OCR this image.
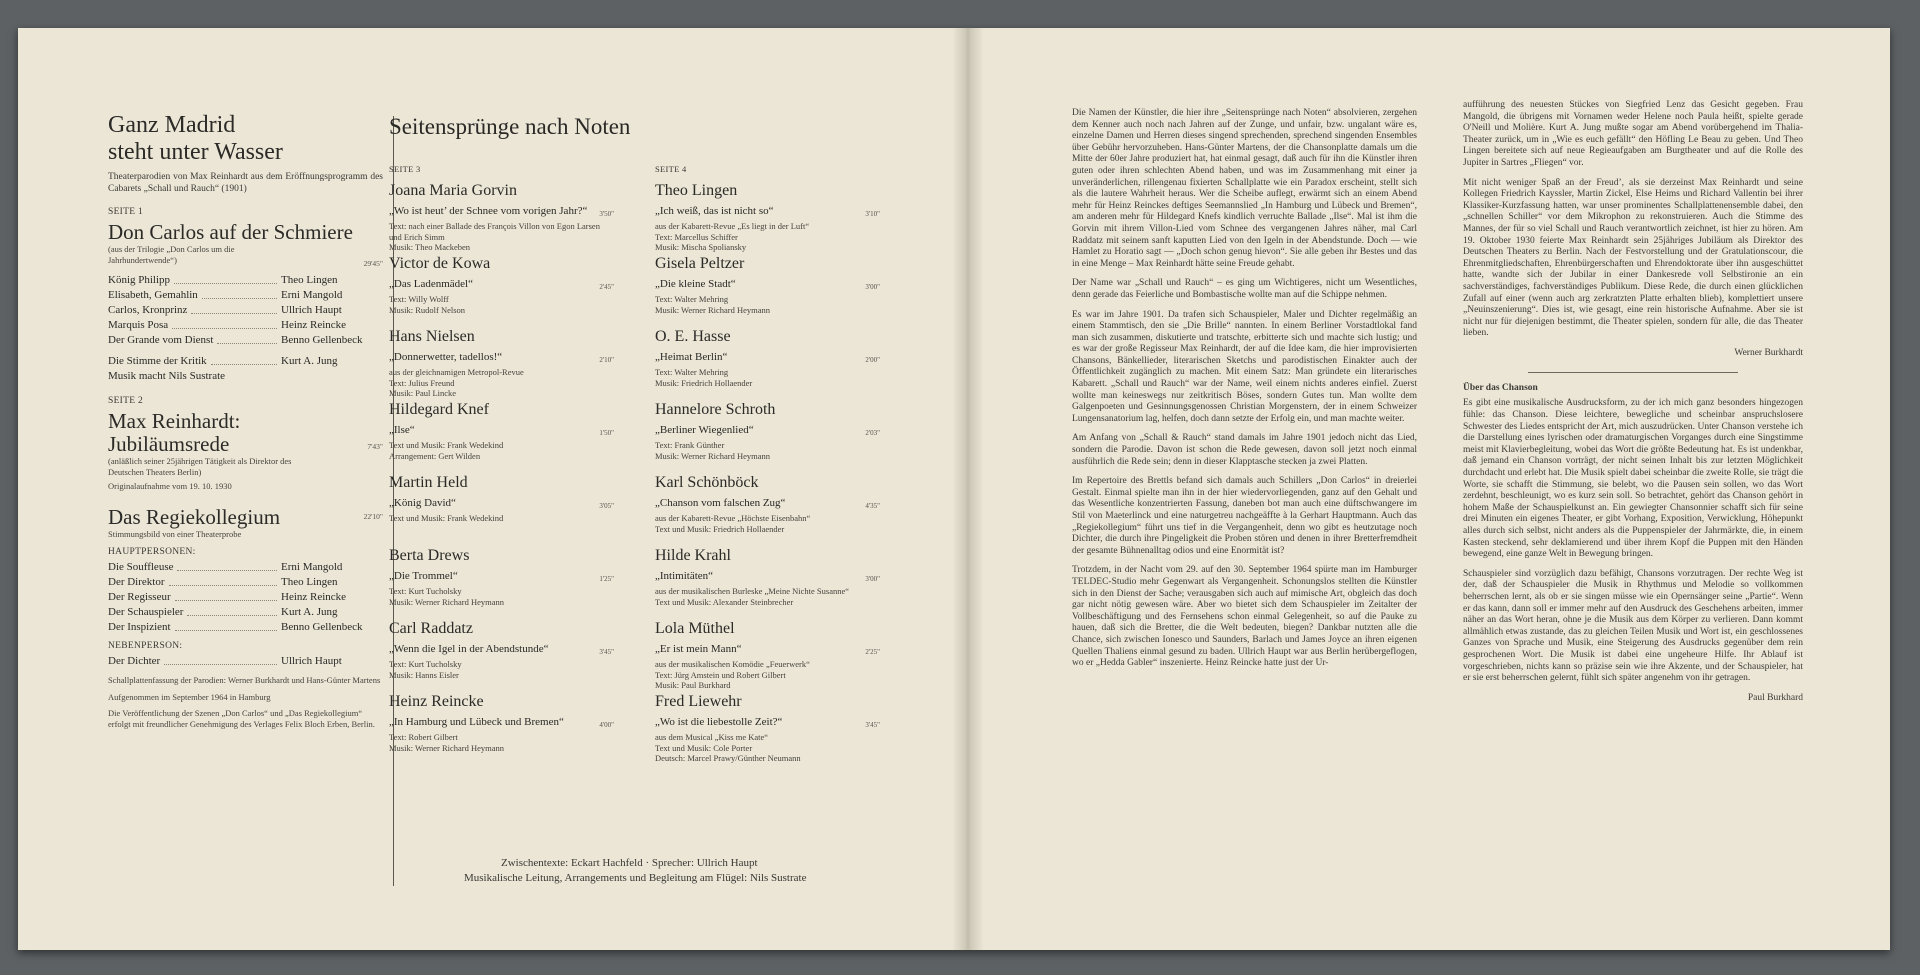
Ganz Madrid
steht unter Wasser
Theaterparodien von Max Reinhardt aus dem Eröffnungsprogramm des Cabarets „Schall und Rauch“ (1901)
SEITE 1
Don Carlos auf der Schmiere
(aus der Trilogie „Don Carlos um die Jahrhundertwende“)	29'45"
König Philipp	Theo Lingen
Elisabeth, Gemahlin	Erni Mangold
Carlos, Kronprinz	Ullrich Haupt
Marquis Posa	Heinz Reincke
Der Grande vom Dienst	Benno Gellenbeck
Die Stimme der Kritik	Kurt A. Jung
Musik macht Nils Sustrate
SEITE 2
Max Reinhardt:
Jubiläumsrede	7'43"
(anläßlich seiner 25jährigen Tätigkeit als Direktor des Deutschen Theaters Berlin)
Originalaufnahme vom 19. 10. 1930
Das Regiekollegium	22'10"
Stimmungsbild von einer Theaterprobe
HAUPTPERSONEN:
Die Souffleuse	Erni Mangold
Der Direktor	Theo Lingen
Der Regisseur	Heinz Reincke
Der Schauspieler	Kurt A. Jung
Der Inspizient	Benno Gellenbeck
NEBENPERSON:
Der Dichter	Ullrich Haupt
Schallplattenfassung der Parodien: Werner Burkhardt und Hans-Günter Martens
Aufgenommen im September 1964 in Hamburg
Die Veröffentlichung der Szenen „Don Carlos“ und „Das Regiekollegium“ erfolgt mit freundlicher Genehmigung des Verlages Felix Bloch Erben, Berlin.
Seitensprünge nach Noten
SEITE 3	SEITE 4
Joana Maria Gorvin
„Wo ist heut’ der Schnee vom vorigen Jahr?“
Text: nach einer Ballade des François Villon von Egon Larsen und Erich Simm
Musik: Theo Mackeben
3'50"
Victor de Kowa
„Das Ladenmädel“
Text: Willy Wolff
Musik: Rudolf Nelson
2'45"
Hans Nielsen
„Donnerwetter, tadellos!“
aus der gleichnamigen Metropol-Revue
Text: Julius Freund
Musik: Paul Lincke
2'10"
Hildegard Knef
„Ilse“
Text und Musik: Frank Wedekind
Arrangement: Gert Wilden
1'50"
Martin Held
„König David“
Text und Musik: Frank Wedekind
3'05"
Berta Drews
„Die Trommel“
Text: Kurt Tucholsky
Musik: Werner Richard Heymann
1'25"
Carl Raddatz
„Wenn die Igel in der Abendstunde“
Text: Kurt Tucholsky
Musik: Hanns Eisler
3'45"
Heinz Reincke
„In Hamburg und Lübeck und Bremen“
Text: Robert Gilbert
Musik: Werner Richard Heymann
4'00"
Theo Lingen
„Ich weiß, das ist nicht so“
aus der Kabarett-Revue „Es liegt in der Luft“
Text: Marcellus Schiffer
Musik: Mischa Spoliansky
3'10"
Gisela Peltzer
„Die kleine Stadt“
Text: Walter Mehring
Musik: Werner Richard Heymann
3'00"
O. E. Hasse
„Heimat Berlin“
Text: Walter Mehring
Musik: Friedrich Hollaender
2'00"
Hannelore Schroth
„Berliner Wiegenlied“
Text: Frank Günther
Musik: Werner Richard Heymann
2'03"
Karl Schönböck
„Chanson vom falschen Zug“
aus der Kabarett-Revue „Höchste Eisenbahn“
Text und Musik: Friedrich Hollaender
4'35"
Hilde Krahl
„Intimitäten“
aus der musikalischen Burleske „Meine Nichte Susanne“
Text und Musik: Alexander Steinbrecher
3'00"
Lola Müthel
„Er ist mein Mann“
aus der musikalischen Komödie „Feuerwerk“
Text: Jürg Amstein und Robert Gilbert
Musik: Paul Burkhard
2'25"
Fred Liewehr
„Wo ist die liebestolle Zeit?“
aus dem Musical „Kiss me Kate“
Text und Musik: Cole Porter
Deutsch: Marcel Prawy/Günther Neumann
3'45"
Zwischentexte: Eckart Hachfeld · Sprecher: Ullrich Haupt
Musikalische Leitung, Arrangements und Begleitung am Flügel: Nils Sustrate
Die Namen der Künstler, die hier ihre „Seitensprünge nach Noten“ absolvieren, zergehen dem Kenner auch noch nach Jahren auf der Zunge, und unfair, bzw. ungalant wäre es, einzelne Damen und Herren dieses singend sprechenden, sprechend singenden Ensembles über Gebühr hervorzuheben. Hans-Günter Martens, der die Chansonplatte damals um die Mitte der 60er Jahre produziert hat, hat einmal gesagt, daß auch für ihn die Künstler ihren guten oder ihren schlechten Abend haben, und was im Zusammenhang mit einer ja unveränderlichen, rillengenau fixierten Schallplatte wie ein Paradox erscheint, stellt sich als die lautere Wahrheit heraus. Wer die Scheibe auflegt, erwärmt sich an einem Abend mehr für Heinz Reinckes deftiges Seemannslied „In Hamburg und Lübeck und Bremen“, am anderen mehr für Hildegard Knefs kindlich verruchte Ballade „Ilse“. Mal ist ihm die Gorvin mit ihrem Villon-Lied vom Schnee des vergangenen Jahres näher, mal Carl Raddatz mit seinem sanft kaputten Lied von den Igeln in der Abendstunde. Doch — wie Hamlet zu Horatio sagt — „Doch schon genug hievon“. Sie alle geben ihr Bestes und das in eine Menge – Max Reinhardt hätte seine Freude gehabt.
Der Name war „Schall und Rauch“ – es ging um Wichtigeres, nicht um Wesentliches, denn gerade das Feierliche und Bombastische wollte man auf die Schippe nehmen.
Es war im Jahre 1901. Da trafen sich Schauspieler, Maler und Dichter regelmäßig an einem Stammtisch, den sie „Die Brille“ nannten. In einem Berliner Vorstadtlokal fand man sich zusammen, diskutierte und tratschte, erbitterte sich und machte sich lustig; und es war der große Regisseur Max Reinhardt, der auf die Idee kam, die hier improvisierten Chansons, Bänkellieder, literarischen Sketchs und parodistischen Einakter auch der Öffentlichkeit zugänglich zu machen. Mit einem Satz: Man gründete ein literarisches Kabarett. „Schall und Rauch“ war der Name, weil einem nichts anderes einfiel. Zuerst wollte man keineswegs nur zeitkritisch Böses, sondern Gutes tun. Man wollte dem Galgenpoeten und Gesinnungsgenossen Christian Morgenstern, der in einem Schweizer Lungensanatorium lag, helfen, doch dann setzte der Erfolg ein, und man machte weiter.
Am Anfang von „Schall & Rauch“ stand damals im Jahre 1901 jedoch nicht das Lied, sondern die Parodie. Davon ist schon die Rede gewesen, davon soll jetzt noch einmal ausführlich die Rede sein; denn in dieser Klapptasche stecken ja zwei Platten.
Im Repertoire des Brettls befand sich damals auch Schillers „Don Carlos“ in dreierlei Gestalt. Einmal spielte man ihn in der hier wiedervorliegenden, ganz auf den Gehalt und das Wesentliche konzentrierten Fassung, daneben bot man auch eine düftschwangere im Stil von Maeterlinck und eine naturgetreu nachgeäffte à la Gerhart Hauptmann. Auch das „Regiekollegium“ führt uns tief in die Vergangenheit, denn wo gibt es heutzutage noch Dichter, die durch ihre Pingeligkeit die Proben stören und denen in ihrer Bretterfremdheit der gesamte Bühnenalltag odios und eine Enormität ist?
Trotzdem, in der Nacht vom 29. auf den 30. September 1964 spürte man im Hamburger TELDEC-Studio mehr Gegenwart als Vergangenheit. Schonungslos stellten die Künstler sich in den Dienst der Sache; verausgaben sich auch auf mimische Art, obgleich das doch gar nicht nötig gewesen wäre. Aber wo bietet sich dem Schauspieler im Zeitalter der Vollbeschäftigung und des Fernsehens schon einmal Gelegenheit, so auf die Pauke zu hauen, daß sich die Bretter, die die Welt bedeuten, biegen? Dankbar nutzten alle die Chance, sich zwischen Ionesco und Saunders, Barlach und James Joyce an ihren eigenen Quellen Thaliens einmal gesund zu baden. Ullrich Haupt war aus Berlin herübergeflogen, wo er „Hedda Gabler“ inszenierte. Heinz Reincke hatte just der Ur-
aufführung des neuesten Stückes von Siegfried Lenz das Gesicht gegeben. Frau Mangold, die übrigens mit Vornamen weder Helene noch Paula heißt, spielte gerade O'Neill und Molière. Kurt A. Jung mußte sogar am Abend vorübergehend im Thalia-Theater zurück, um in „Wie es euch gefällt“ den Höfling Le Beau zu geben. Und Theo Lingen bereitete sich auf neue Regieaufgaben am Burgtheater und auf die Rolle des Jupiter in Sartres „Fliegen“ vor.
Mit nicht weniger Spaß an der Freud’, als sie derzeinst Max Reinhardt und seine Kollegen Friedrich Kayssler, Martin Zickel, Else Heims und Richard Vallentin bei ihrer Klassiker-Kurzfassung hatten, war unser prominentes Schallplattenensemble dabei, den „schnellen Schiller“ vor dem Mikrophon zu rekonstruieren. Auch die Stimme des Mannes, der für so viel Schall und Rauch verantwortlich zeichnet, ist hier zu hören. Am 19. Oktober 1930 feierte Max Reinhardt sein 25jähriges Jubiläum als Direktor des Deutschen Theaters zu Berlin. Nach der Festvorstellung und der Gratulationscour, die Ehrenmitgliedschaften, Ehrenbürgerschaften und Ehrendoktorate über ihn ausgeschüttet hatte, wandte sich der Jubilar in einer Dankesrede voll Selbstironie an ein sachverständiges, fachverständiges Publikum. Diese Rede, die durch einen glücklichen Zufall auf einer (wenn auch arg zerkratzten Platte erhalten blieb), komplettiert unsere „Neuinszenierung“. Dies ist, wie gesagt, eine rein historische Aufnahme. Aber sie ist nicht nur für diejenigen bestimmt, die Theater spielen, sondern für alle, die das Theater lieben.
Werner Burkhardt
Über das Chanson
Es gibt eine musikalische Ausdrucksform, zu der ich mich ganz besonders hingezogen fühle: das Chanson. Diese leichtere, bewegliche und scheinbar anspruchslosere Schwester des Liedes entspricht der Art, mich auszudrücken. Unter Chanson verstehe ich die Darstellung eines lyrischen oder dramaturgischen Vorganges durch eine Singstimme meist mit Klavierbegleitung, wobei das Wort die größte Bedeutung hat. Es ist undenkbar, daß jemand ein Chanson vorträgt, der nicht seinen Inhalt bis zur letzten Möglichkeit durchdacht und erlebt hat. Die Musik spielt dabei scheinbar die zweite Rolle, sie trägt die Worte, sie schafft die Stimmung, sie belebt, wo die Pausen sein sollen, wo das Wort zerdehnt, beschleunigt, wo es kurz sein soll. So betrachtet, gehört das Chanson gehört in hohem Maße der Schauspielkunst an. Ein gewiegter Chansonnier schafft sich für seine drei Minuten ein eigenes Theater, er gibt Vorhang, Exposition, Verwicklung, Höhepunkt alles durch sich selbst, nicht anders als die Puppenspieler der Jahrmärkte, die, in einem Kasten steckend, sehr deklamierend und über ihrem Kopf die Puppen mit den Händen bewegend, eine ganze Welt in Bewegung bringen.
Schauspieler sind vorzüglich dazu befähigt, Chansons vorzutragen. Der rechte Weg ist der, daß der Schauspieler die Musik in Rhythmus und Melodie so vollkommen beherrschen lernt, als ob er sie singen müsse wie ein Opernsänger seine „Partie“. Wenn er das kann, dann soll er immer mehr auf den Ausdruck des Geschehens arbeiten, immer näher an das Wort heran, ohne je die Musik aus dem Körper zu verlieren. Dann kommt allmählich etwas zustande, das zu gleichen Teilen Musik und Wort ist, ein geschlossenes Ganzes von Sprache und Musik, eine Steigerung des Ausdrucks gegenüber dem rein gesprochenen Wort. Die Musik ist dabei eine ungeheure Hilfe. Ihr Ablauf ist vorgeschrieben, nichts kann so präzise sein wie ihre Akzente, und der Schauspieler, hat er sie erst beherrschen gelernt, fühlt sich später angenehm von ihr getragen.
Paul Burkhard
